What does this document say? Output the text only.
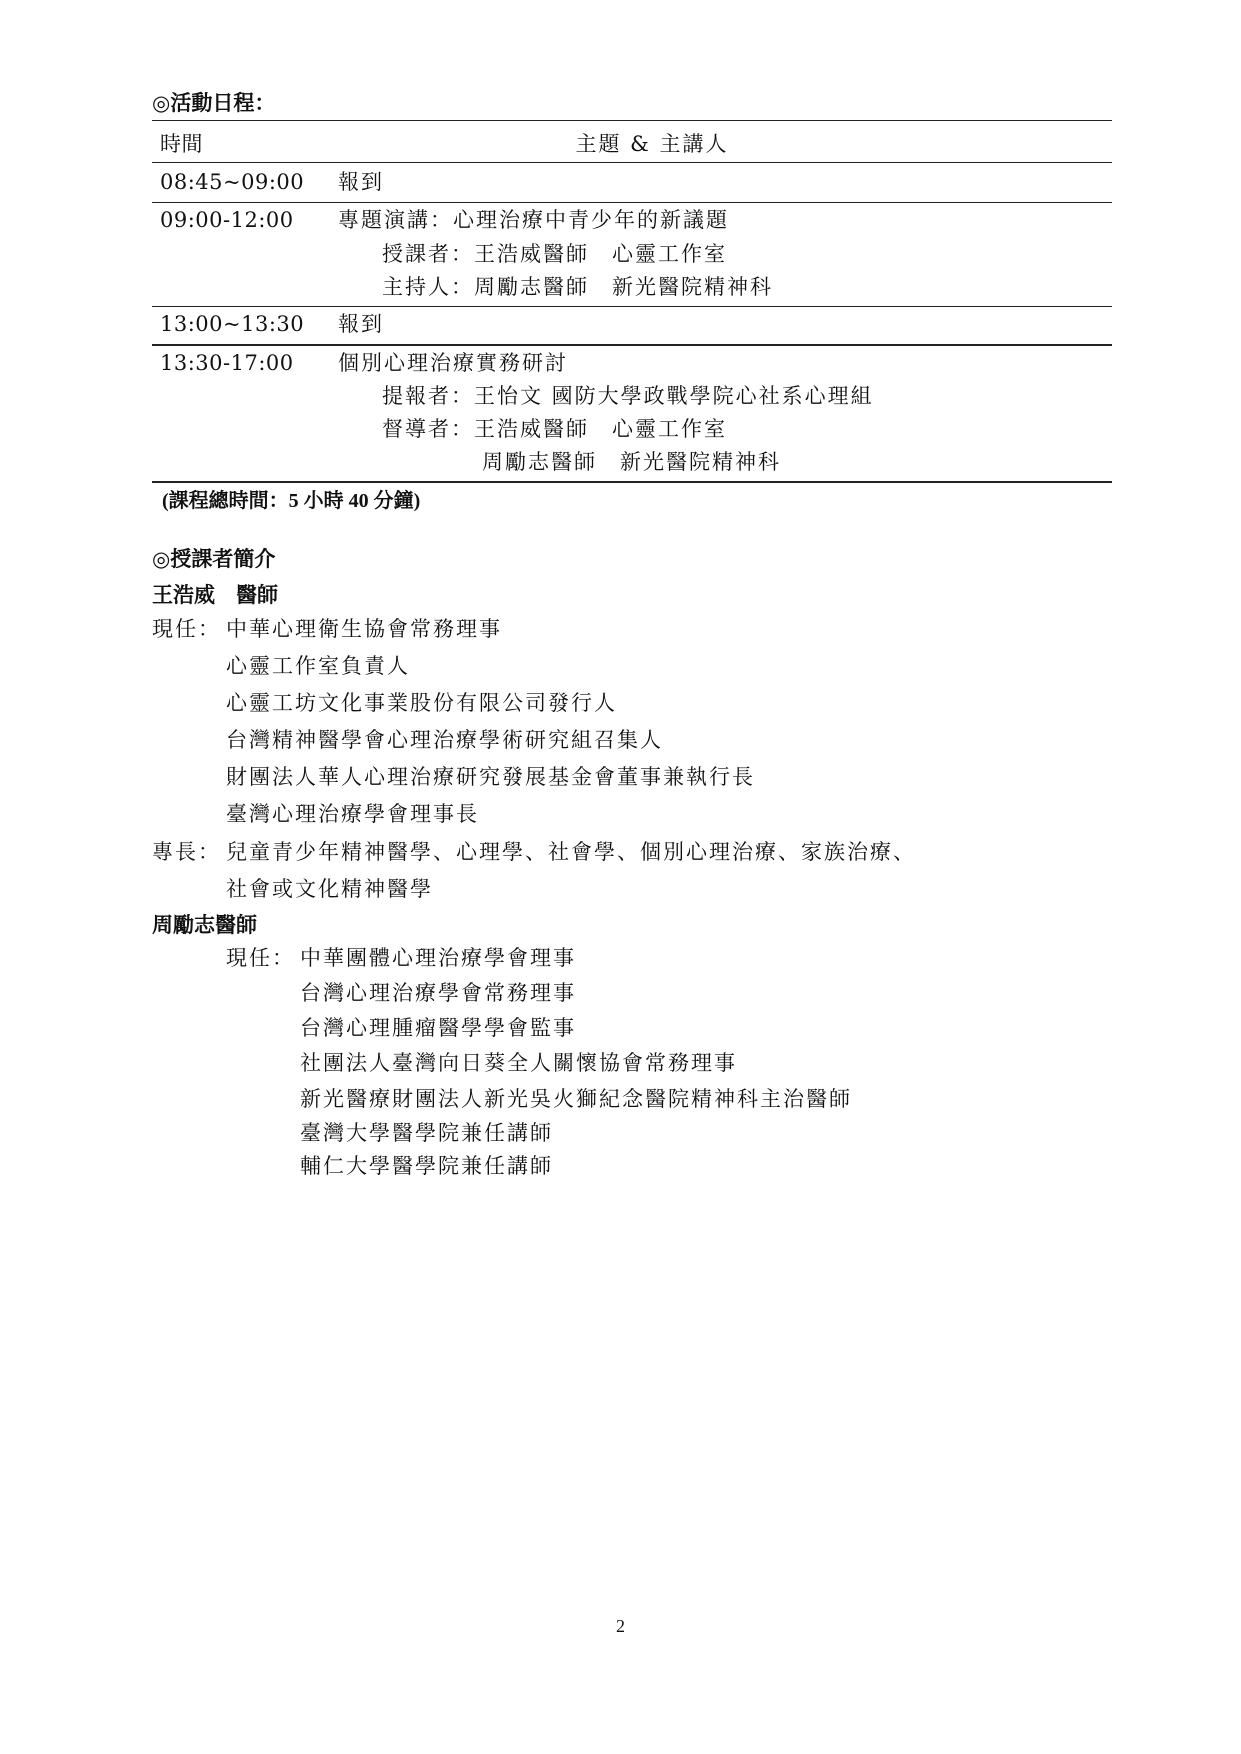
◎活動日程：
時間	主題 & 主講人
08:45~09:00 報到
09:00-12:00 專題演講：心理治療中青少年的新議題
授課者：王浩威醫師　心靈工作室
主持人：周勵志醫師　新光醫院精神科
13:00~13:30 報到
13:30-17:00 個別心理治療實務研討
提報者：王怡文 國防大學政戰學院心社系心理組
督導者：王浩威醫師　心靈工作室
周勵志醫師　新光醫院精神科
(課程總時間：5 小時 40 分鐘)
◎授課者簡介
王浩威　醫師
現任： 中華心理衛生協會常務理事
心靈工作室負責人
心靈工坊文化事業股份有限公司發行人
台灣精神醫學會心理治療學術研究組召集人
財團法人華人心理治療研究發展基金會董事兼執行長
臺灣心理治療學會理事長
專長： 兒童青少年精神醫學、心理學、社會學、個別心理治療、家族治療、
社會或文化精神醫學
周勵志醫師
現任： 中華團體心理治療學會理事
台灣心理治療學會常務理事
台灣心理腫瘤醫學學會監事
社團法人臺灣向日葵全人關懷協會常務理事
新光醫療財團法人新光吳火獅紀念醫院精神科主治醫師
臺灣大學醫學院兼任講師
輔仁大學醫學院兼任講師
2
